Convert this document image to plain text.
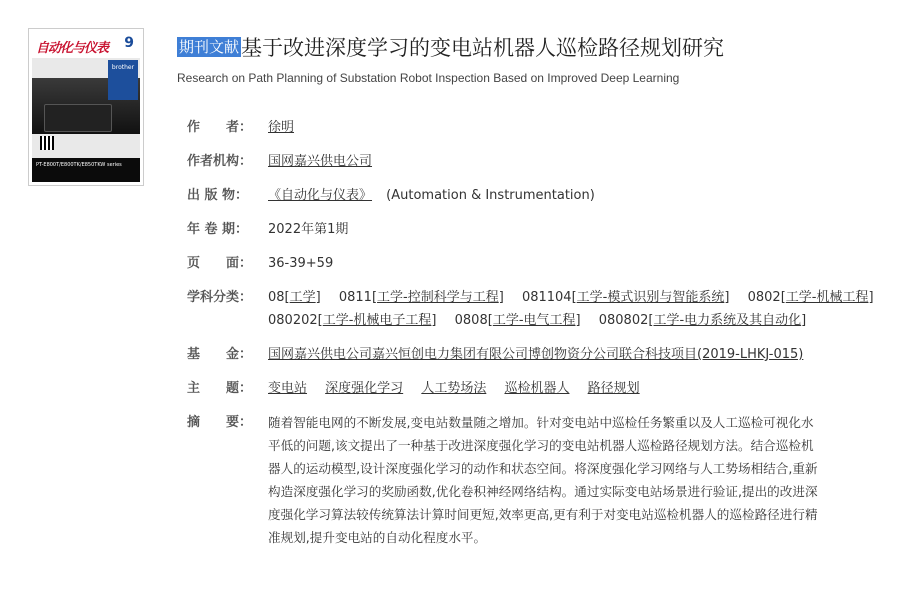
自动化与仪表 9
brother
PT-E800T/E800TK/E850TKW series
期刊文献基于改进深度学习的变电站机器人巡检路径规划研究
Research on Path Planning of Substation Robot Inspection Based on Improved Deep Learning
作　　者：	徐明
作者机构：	国网嘉兴供电公司
出 版 物：	《自动化与仪表》 (Automation & Instrumentation)
年 卷 期：	2022年第1期
页　　面：	36-39+59
学科分类：	08[工学] 0811[工学-控制科学与工程] 081104[工学-模式识别与智能系统] 0802[工学-机械工程] 080202[工学-机械电子工程] 0808[工学-电气工程] 080802[工学-电力系统及其自动化]
基　　金：	国网嘉兴供电公司嘉兴恒创电力集团有限公司博创物资分公司联合科技项目(2019-LHKJ-015)
主　　题：	变电站 深度强化学习 人工势场法 巡检机器人 路径规划
摘　　要：	随着智能电网的不断发展,变电站数量随之增加。针对变电站中巡检任务繁重以及人工巡检可视化水
平低的问题,该文提出了一种基于改进深度强化学习的变电站机器人巡检路径规划方法。结合巡检机
器人的运动模型,设计深度强化学习的动作和状态空间。将深度强化学习网络与人工势场相结合,重新
构造深度强化学习的奖励函数,优化卷积神经网络结构。通过实际变电站场景进行验证,提出的改进深
度强化学习算法较传统算法计算时间更短,效率更高,更有利于对变电站巡检机器人的巡检路径进行精
准规划,提升变电站的自动化程度水平。
